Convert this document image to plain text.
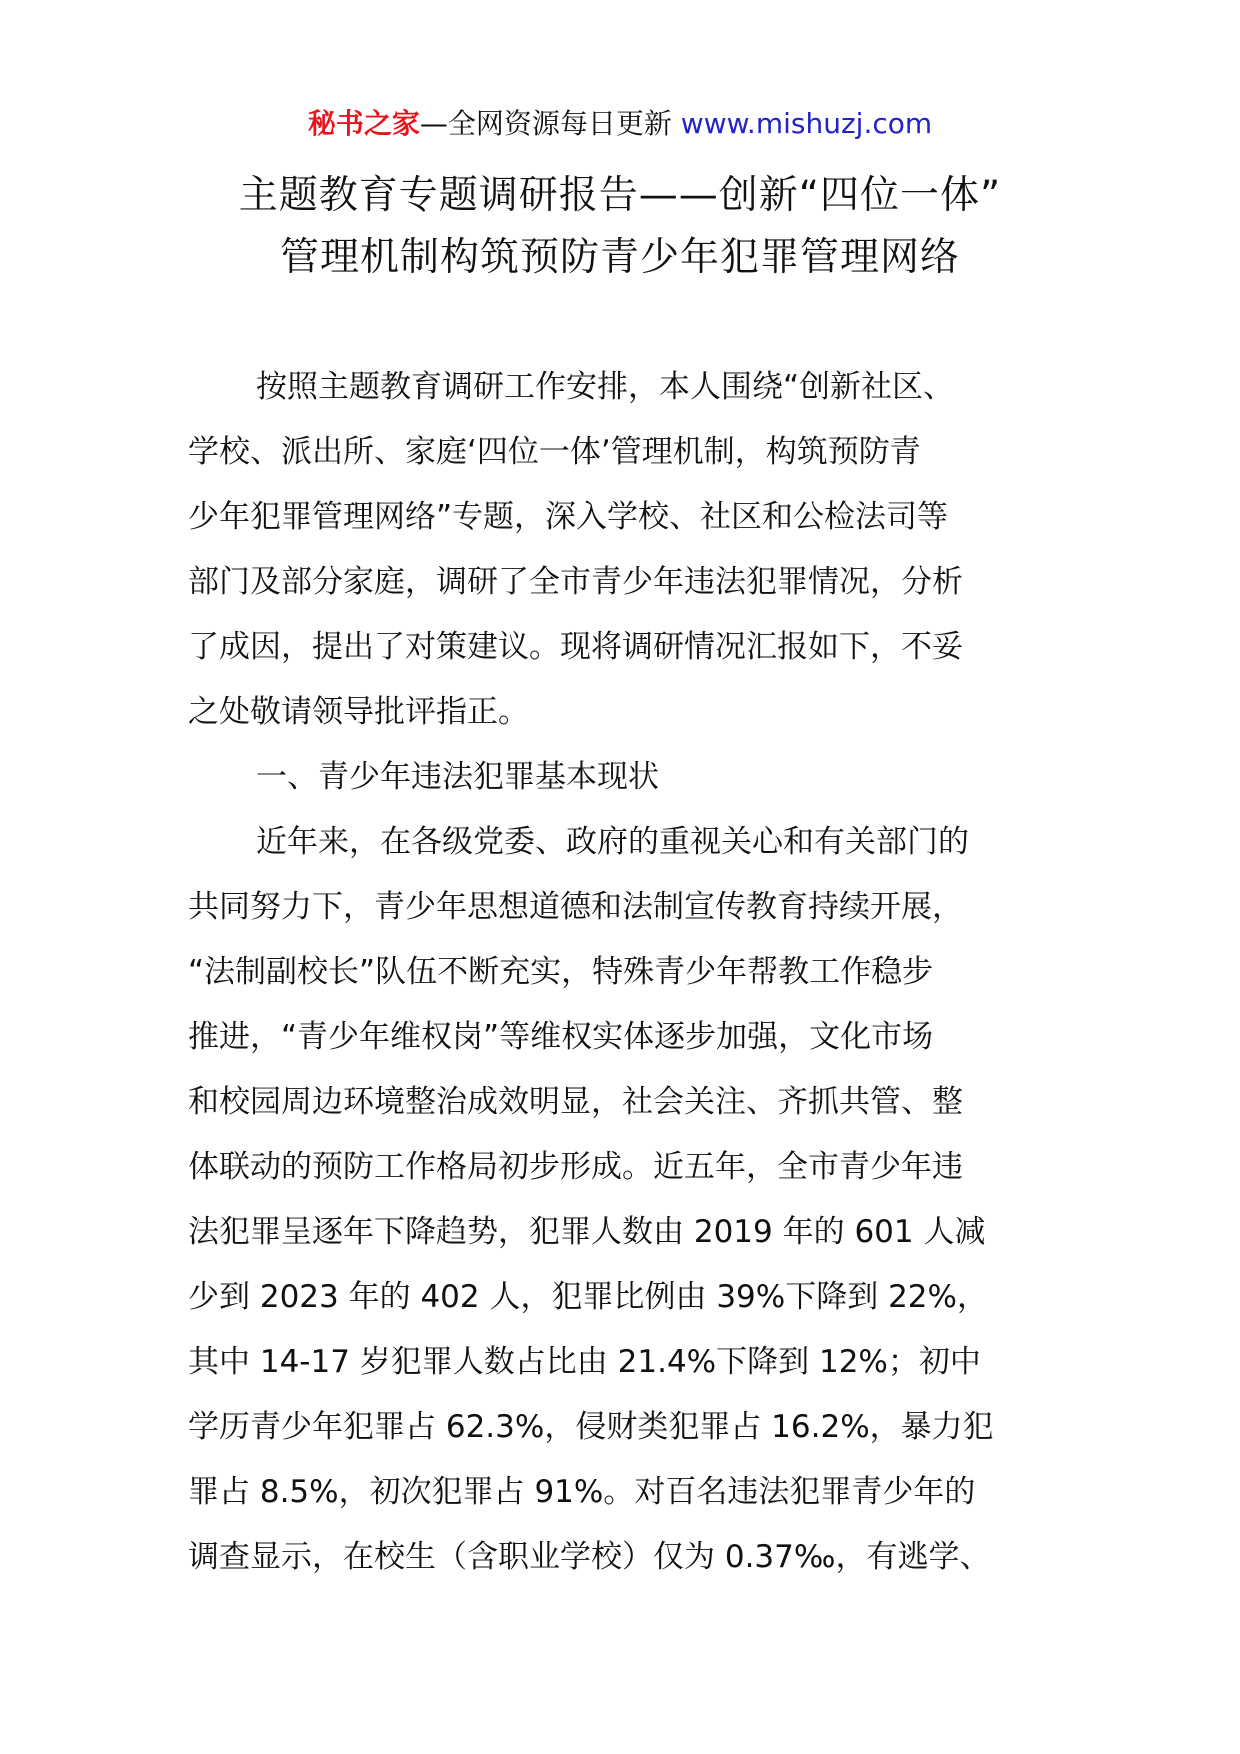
秘书之家—全网资源每日更新 www.mishuzj.com
主题教育专题调研报告——创新“四位一体”
管理机制构筑预防青少年犯罪管理网络
按照主题教育调研工作安排，本人围绕“创新社区、
学校、派出所、家庭‘四位一体’管理机制，构筑预防青
少年犯罪管理网络”专题，深入学校、社区和公检法司等
部门及部分家庭，调研了全市青少年违法犯罪情况，分析
了成因，提出了对策建议。现将调研情况汇报如下，不妥
之处敬请领导批评指正。
一、青少年违法犯罪基本现状
近年来，在各级党委、政府的重视关心和有关部门的
共同努力下，青少年思想道德和法制宣传教育持续开展，
“法制副校长”队伍不断充实，特殊青少年帮教工作稳步
推进，“青少年维权岗”等维权实体逐步加强，文化市场
和校园周边环境整治成效明显，社会关注、齐抓共管、整
体联动的预防工作格局初步形成。近五年，全市青少年违
法犯罪呈逐年下降趋势，犯罪人数由 2019 年的 601 人减
少到 2023 年的 402 人，犯罪比例由 39%下降到 22%，
其中 14-17 岁犯罪人数占比由 21.4%下降到 12%；初中
学历青少年犯罪占 62.3%，侵财类犯罪占 16.2%，暴力犯
罪占 8.5%，初次犯罪占 91%。对百名违法犯罪青少年的
调查显示，在校生（含职业学校）仅为 0.37‰，有逃学、
